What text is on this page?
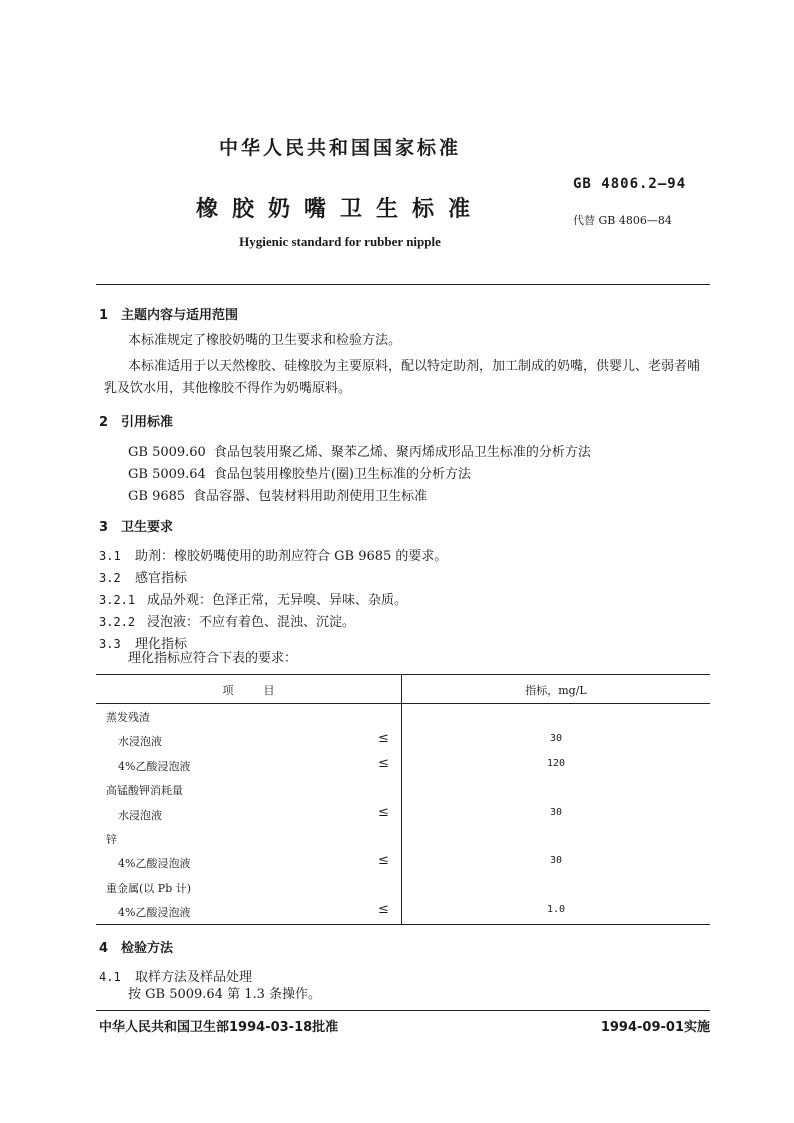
中华人民共和国国家标准
GB 4806.2—94
橡胶奶嘴卫生标准	代替 GB 4806—84
Hygienic standard for rubber nipple
1 主题内容与适用范围
本标准规定了橡胶奶嘴的卫生要求和检验方法。
本标准适用于以天然橡胶、硅橡胶为主要原料，配以特定助剂，加工制成的奶嘴，供婴儿、老弱者哺乳及饮水用，其他橡胶不得作为奶嘴原料。
2 引用标准
GB 5009.60 食品包装用聚乙烯、聚苯乙烯、聚丙烯成形品卫生标准的分析方法
GB 5009.64 食品包装用橡胶垫片(圈)卫生标准的分析方法
GB 9685 食品容器、包装材料用助剂使用卫生标准
3 卫生要求
3.1 助剂：橡胶奶嘴使用的助剂应符合 GB 9685 的要求。
3.2 感官指标
3.2.1 成品外观：色泽正常，无异嗅、异味、杂质。
3.2.2 浸泡液：不应有着色、混浊、沉淀。
3.3 理化指标
理化指标应符合下表的要求：
项目	指标，mg/L
蒸发残渣
水浸泡液	≤	30
4%乙酸浸泡液	≤	120
高锰酸钾消耗量
水浸泡液	≤	30
锌
4%乙酸浸泡液	≤	30
重金属(以 Pb 计)
4%乙酸浸泡液	≤	1.0
4 检验方法
4.1 取样方法及样品处理
按 GB 5009.64 第 1.3 条操作。
中华人民共和国卫生部1994-03-18批准	1994-09-01实施
